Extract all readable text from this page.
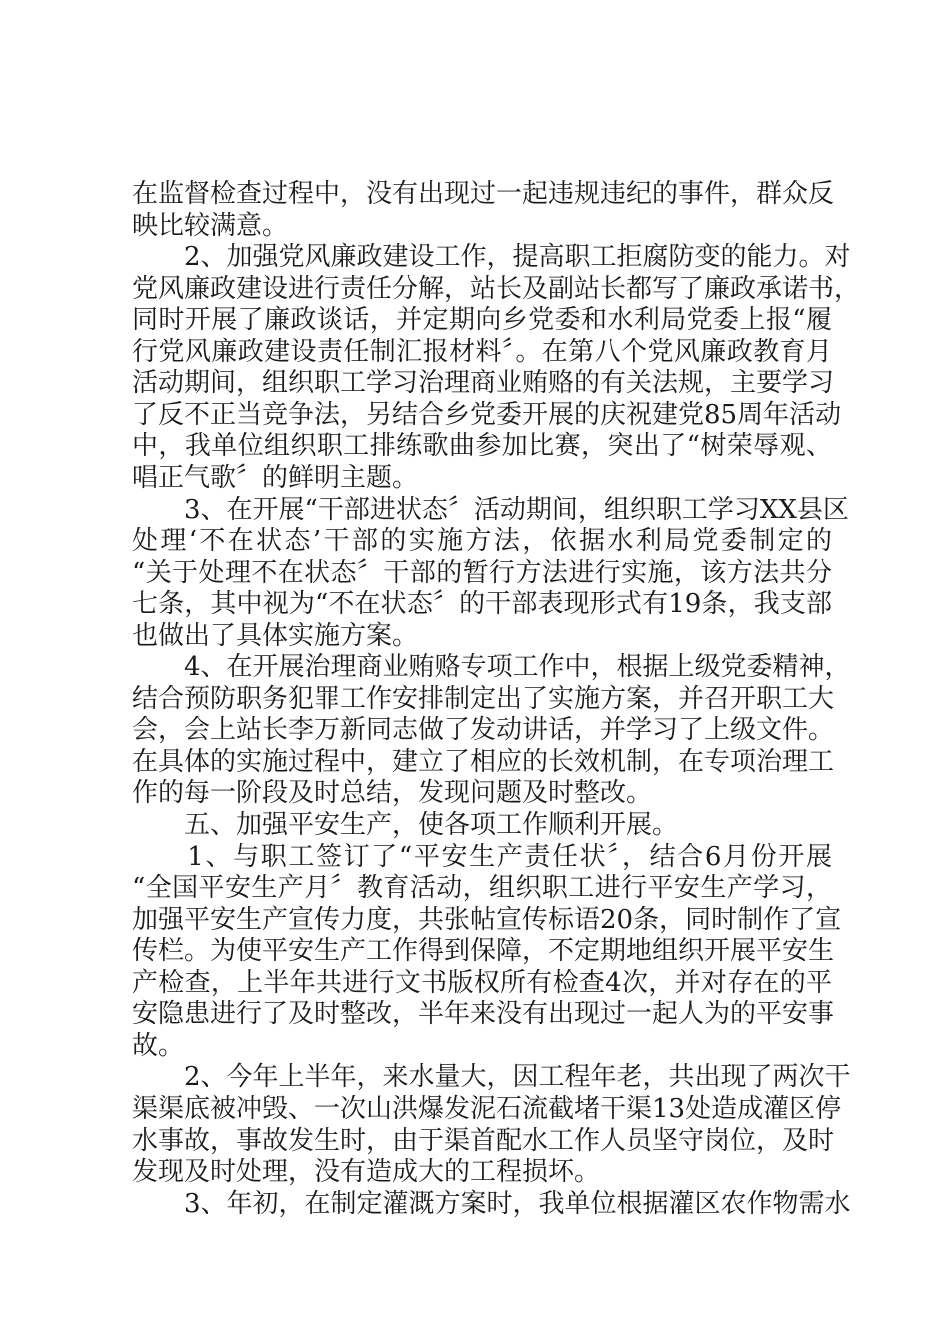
在监督检查过程中，没有出现过一起违规违纪的事件，群众反
映比较满意。
　　2、加强党风廉政建设工作，提高职工拒腐防变的能力。对
党风廉政建设进行责任分解，站长及副站长都写了廉政承诺书，
同时开展了廉政谈话，并定期向乡党委和水利局党委上报“履
行党风廉政建设责任制汇报材料〞。在第八个党风廉政教育月
活动期间，组织职工学习治理商业贿赂的有关法规，主要学习
了反不正当竞争法，另结合乡党委开展的庆祝建党85周年活动
中，我单位组织职工排练歌曲参加比赛，突出了“树荣辱观、
唱正气歌〞的鲜明主题。
　　3、在开展“干部进状态〞活动期间，组织职工学习XX县区
处理‘不在状态’干部的实施方法，依据水利局党委制定的
“关于处理不在状态〞干部的暂行方法进行实施，该方法共分
七条，其中视为“不在状态〞的干部表现形式有19条，我支部
也做出了具体实施方案。
　　4、在开展治理商业贿赂专项工作中，根据上级党委精神，
结合预防职务犯罪工作安排制定出了实施方案，并召开职工大
会，会上站长李万新同志做了发动讲话，并学习了上级文件。
在具体的实施过程中，建立了相应的长效机制，在专项治理工
作的每一阶段及时总结，发现问题及时整改。
　　五、加强平安生产，使各项工作顺利开展。
　　1、与职工签订了“平安生产责任状〞，结合6月份开展
“全国平安生产月〞教育活动，组织职工进行平安生产学习，
加强平安生产宣传力度，共张帖宣传标语20条，同时制作了宣
传栏。为使平安生产工作得到保障，不定期地组织开展平安生
产检查，上半年共进行文书版权所有检查4次，并对存在的平
安隐患进行了及时整改，半年来没有出现过一起人为的平安事
故。
　　2、今年上半年，来水量大，因工程年老，共出现了两次干
渠渠底被冲毁、一次山洪爆发泥石流截堵干渠13处造成灌区停
水事故，事故发生时，由于渠首配水工作人员坚守岗位，及时
发现及时处理，没有造成大的工程损坏。
　　3、年初，在制定灌溉方案时，我单位根据灌区农作物需水
